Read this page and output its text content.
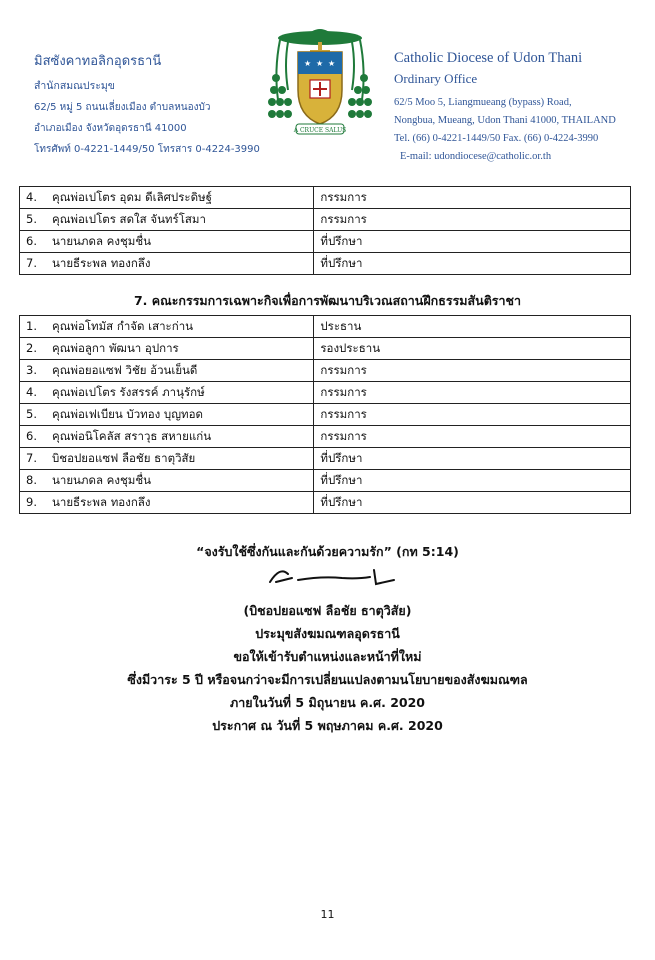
มิสซังคาทอลิกอุดรธานี
สำนักสมณประมุข
62/5 หมู่ 5 ถนนเลี่ยงเมือง ตำบลหนองบัว
อำเภอเมือง จังหวัดอุดรธานี 41000
โทรศัพท์ 0-4221-1449/50 โทรสาร 0-4224-3990
★ ★ ★
A CRUCE SALUS
Catholic Diocese of Udon Thani
Ordinary Office
62/5 Moo 5, Liangmueang (bypass) Road,
Nongbua, Mueang, Udon Thani 41000, THAILAND
Tel. (66) 0-4221-1449/50 Fax. (66) 0-4224-3990
E-mail: udondiocese@catholic.or.th
4. คุณพ่อเปโตร อุดม ดีเลิศประดิษฐ์	กรรมการ
5. คุณพ่อเปโตร สดใส จันทร์โสมา	กรรมการ
6. นายนภดล คงชุมชื่น	ที่ปรึกษา
7. นายธีระพล ทองกลึง	ที่ปรึกษา
7. คณะกรรมการเฉพาะกิจเพื่อการพัฒนาบริเวณสถานฝึกธรรมสันติราชา
1. คุณพ่อโทมัส กำจัด เสาะก่าน	ประธาน
2. คุณพ่อลูกา พัฒนา อุปการ	รองประธาน
3. คุณพ่อยอแซฟ วิชัย อ้วนเย็นดี	กรรมการ
4. คุณพ่อเปโตร รังสรรค์ ภานุรักษ์	กรรมการ
5. คุณพ่อเฟเบียน บัวทอง บุญทอด	กรรมการ
6. คุณพ่อนิโคลัส สราวุธ สหายแก่น	กรรมการ
7. บิชอปยอแซฟ ลือชัย ธาตุวิสัย	ที่ปรึกษา
8. นายนภดล คงชุมชื่น	ที่ปรึกษา
9. นายธีระพล ทองกลึง	ที่ปรึกษา
“จงรับใช้ซึ่งกันและกันด้วยความรัก” (กท 5:14)
(บิชอปยอแซฟ ลือชัย ธาตุวิสัย)
ประมุขสังฆมณฑลอุดรธานี
ขอให้เข้ารับตำแหน่งและหน้าที่ใหม่
ซึ่งมีวาระ 5 ปี หรือจนกว่าจะมีการเปลี่ยนแปลงตามนโยบายของสังฆมณฑล
ภายในวันที่ 5 มิถุนายน ค.ศ. 2020
ประกาศ ณ วันที่ 5 พฤษภาคม ค.ศ. 2020
11
